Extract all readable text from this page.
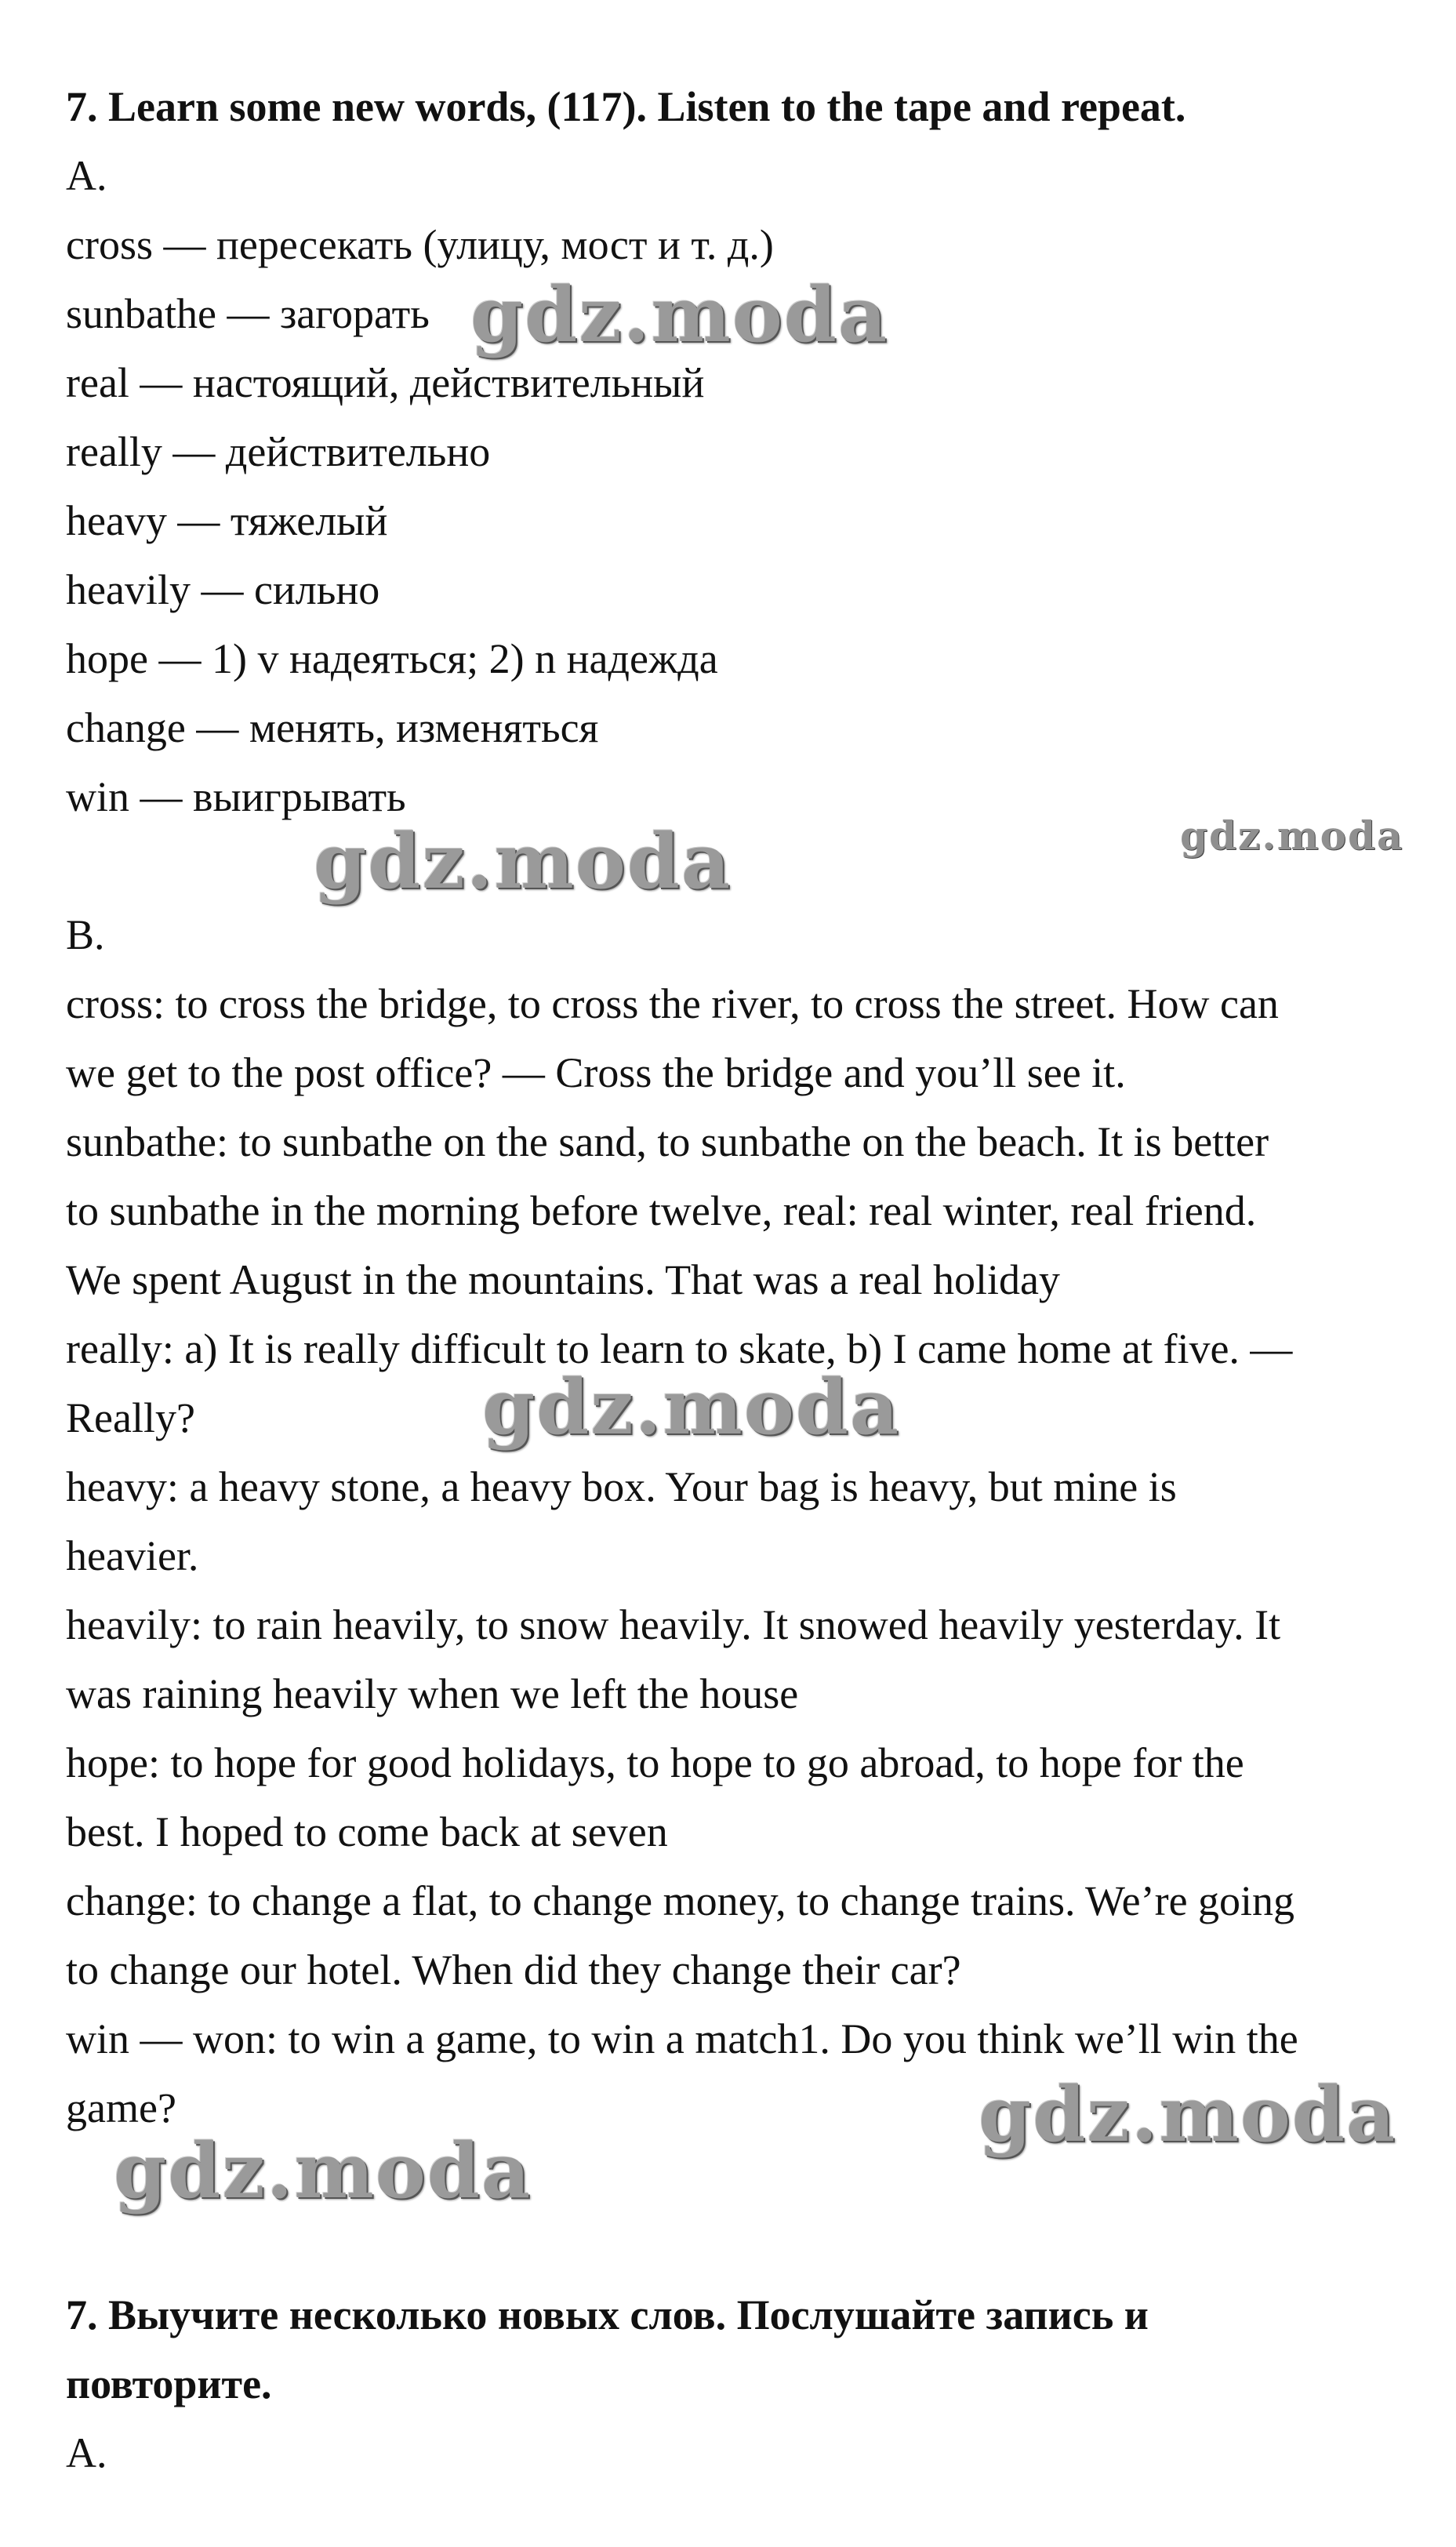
7. Learn some new words, (117). Listen to the tape and repeat.
A.
cross — пересекать (улицу, мост и т. д.)
sunbathe — загорать
real — настоящий, действительный
really — действительно
heavy — тяжелый
heavily — сильно
hope — 1) v надеяться; 2) n надежда
change — менять, изменяться
win — выигрывать

B.
cross: to cross the bridge, to cross the river, to cross the street. How can
we get to the post office? — Cross the bridge and you’ll see it.
sunbathe: to sunbathe on the sand, to sunbathe on the beach. It is better
to sunbathe in the morning before twelve, real: real winter, real friend.
We spent August in the mountains. That was a real holiday
really: a) It is really difficult to learn to skate, b) I came home at five. —
Really?
heavy: a heavy stone, a heavy box. Your bag is heavy, but mine is
heavier.
heavily: to rain heavily, to snow heavily. It snowed heavily yesterday. It
was raining heavily when we left the house
hope: to hope for good holidays, to hope to go abroad, to hope for the
best. I hoped to come back at seven
change: to change a flat, to change money, to change trains. We’re going
to change our hotel. When did they change their car?
win — won: to win a game, to win a match1. Do you think we’ll win the
game?

7. Выучите несколько новых слов. Послушайте запись и
повторите.
А.
gdz.moda
gdz.moda	gdz.moda
gdz.moda
gdz.moda
gdz.moda
